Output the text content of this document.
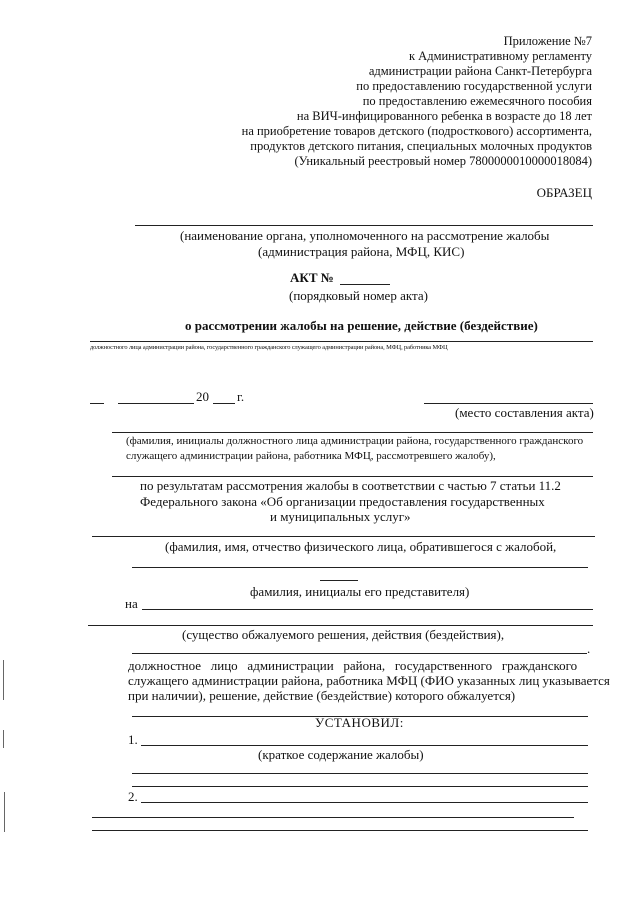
Приложение №7
к Административному регламенту
администрации района Санкт-Петербурга
по предоставлению государственной услуги
по предоставлению ежемесячного пособия
на ВИЧ-инфицированного ребенка в возрасте до 18 лет
на приобретение товаров детского (подросткового) ассортимента,
продуктов детского питания, специальных молочных продуктов
(Уникальный реестровый номер 7800000010000018084)
ОБРАЗЕЦ
(наименование органа, уполномоченного на рассмотрение жалобы
(администрация района, МФЦ, КИС)
АКТ №
(порядковый номер акта)
о рассмотрении жалобы на решение, действие (бездействие)
должностного лица администрации района, государственного гражданского служащего администрации района, МФЦ, работника МФЦ
20 г.
(место составления акта)
(фамилия, инициалы должностного лица администрации района, государственного гражданского
служащего администрации района, работника МФЦ, рассмотревшего жалобу),
по результатам рассмотрения жалобы в соответствии с частью 7 статьи 11.2
Федерального закона «Об организации предоставления государственных
и муниципальных услуг»
(фамилия, имя, отчество физического лица, обратившегося с жалобой,
фамилия, инициалы его представителя)
на
(существо обжалуемого решения, действия (бездействия),
.
должностное лицо администрации района, государственного гражданского
служащего администрации района, работника МФЦ (ФИО указанных лиц указывается
при наличии), решение, действие (бездействие) которого обжалуется)
УСТАНОВИЛ:
1.
(краткое содержание жалобы)
2.
